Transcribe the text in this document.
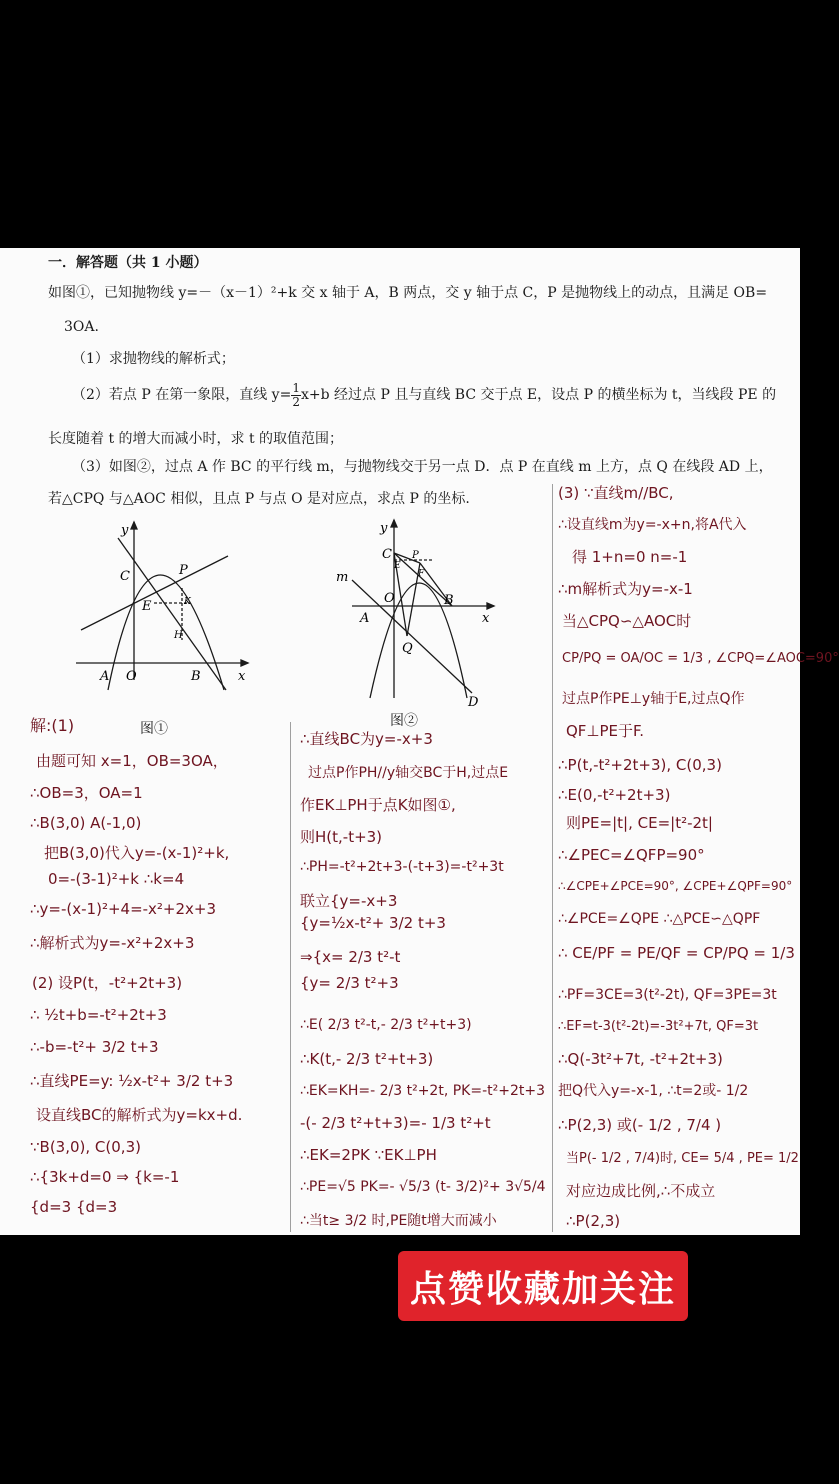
一．解答题（共 1 小题）
如图①，已知抛物线 y=－（x－1）²+k 交 x 轴于 A，B 两点，交 y 轴于点 C，P 是抛物线上的动点，且满足 OB=
3OA.
（1）求抛物线的解析式；
（2）若点 P 在第一象限，直线 $y= \frac{1}{2} x+b$ 经过点 P 且与直线 BC 交于点 E，设点 P 的横坐标为 t，当线段 PE 的
长度随着 t 的增大而减小时，求 t 的取值范围；
（3）如图②，过点 A 作 BC 的平行线 m，与抛物线交于另一点 D．点 P 在直线 m 上方，点 Q 在线段 AD 上，
若△CPQ 与△AOC 相似，且点 P 与点 O 是对应点，求点 P 的坐标.
y
x
C	P
E	K
H
A O	B
图①
y
x
C P
F
E
m
A
O	B
Q
D
图②
解:(1)
由题可知 x=1，OB=3OA，
∴OB=3，OA=1
∴B(3,0) A(-1,0)
把B(3,0)代入y=-(x-1)²+k,
0=-(3-1)²+k ∴k=4
∴y=-(x-1)²+4=-x²+2x+3
∴解析式为y=-x²+2x+3
(2) 设P(t，-t²+2t+3)
∴ ½t+b=-t²+2t+3
∴-b=-t²+ 3/2 t+3
∴直线PE=y: ½x-t²+ 3/2 t+3
设直线BC的解析式为y=kx+d.
∵B(3,0), C(0,3)
∴{3k+d=0 ⇒ {k=-1
{d=3 {d=3
∴直线BC为y=-x+3
过点P作PH//y轴交BC于H,过点E
作EK⊥PH于点K如图①,
则H(t,-t+3)
∴PH=-t²+2t+3-(-t+3)=-t²+3t
联立{y=-x+3
{y=½x-t²+ 3/2 t+3
⇒{x= 2/3 t²-t
{y= 2/3 t²+3
∴E( 2/3 t²-t,- 2/3 t²+t+3)
∴K(t,- 2/3 t²+t+3)
∴EK=KH=- 2/3 t²+2t, PK=-t²+2t+3
-(- 2/3 t²+t+3)=- 1/3 t²+t
∴EK=2PK ∵EK⊥PH
∴PE=√5 PK=- √5/3 (t- 3/2)²+ 3√5/4
∴当t≥ 3/2 时,PE随t增大而减小
(3) ∵直线m//BC,
∴设直线m为y=-x+n,将A代入
得 1+n=0 n=-1
∴m解析式为y=-x-1
当△CPQ∽△AOC时
CP/PQ = OA/OC = 1/3 , ∠CPQ=∠AOC=90°
过点P作PE⊥y轴于E,过点Q作
QF⊥PE于F.
∴P(t,-t²+2t+3), C(0,3)
∴E(0,-t²+2t+3)
则PE=|t|, CE=|t²-2t|
∴∠PEC=∠QFP=90°
∴∠CPE+∠PCE=90°, ∠CPE+∠QPF=90°
∴∠PCE=∠QPE ∴△PCE∽△QPF
∴ CE/PF = PE/QF = CP/PQ = 1/3
∴PF=3CE=3(t²-2t), QF=3PE=3t
∴EF=t-3(t²-2t)=-3t²+7t, QF=3t
∴Q(-3t²+7t, -t²+2t+3)
把Q代入y=-x-1, ∴t=2或- 1/2
∴P(2,3) 或(- 1/2 , 7/4 )
当P(- 1/2 , 7/4)时, CE= 5/4 , PE= 1/2
对应边成比例,∴不成立
∴P(2,3)
点赞收藏加关注
